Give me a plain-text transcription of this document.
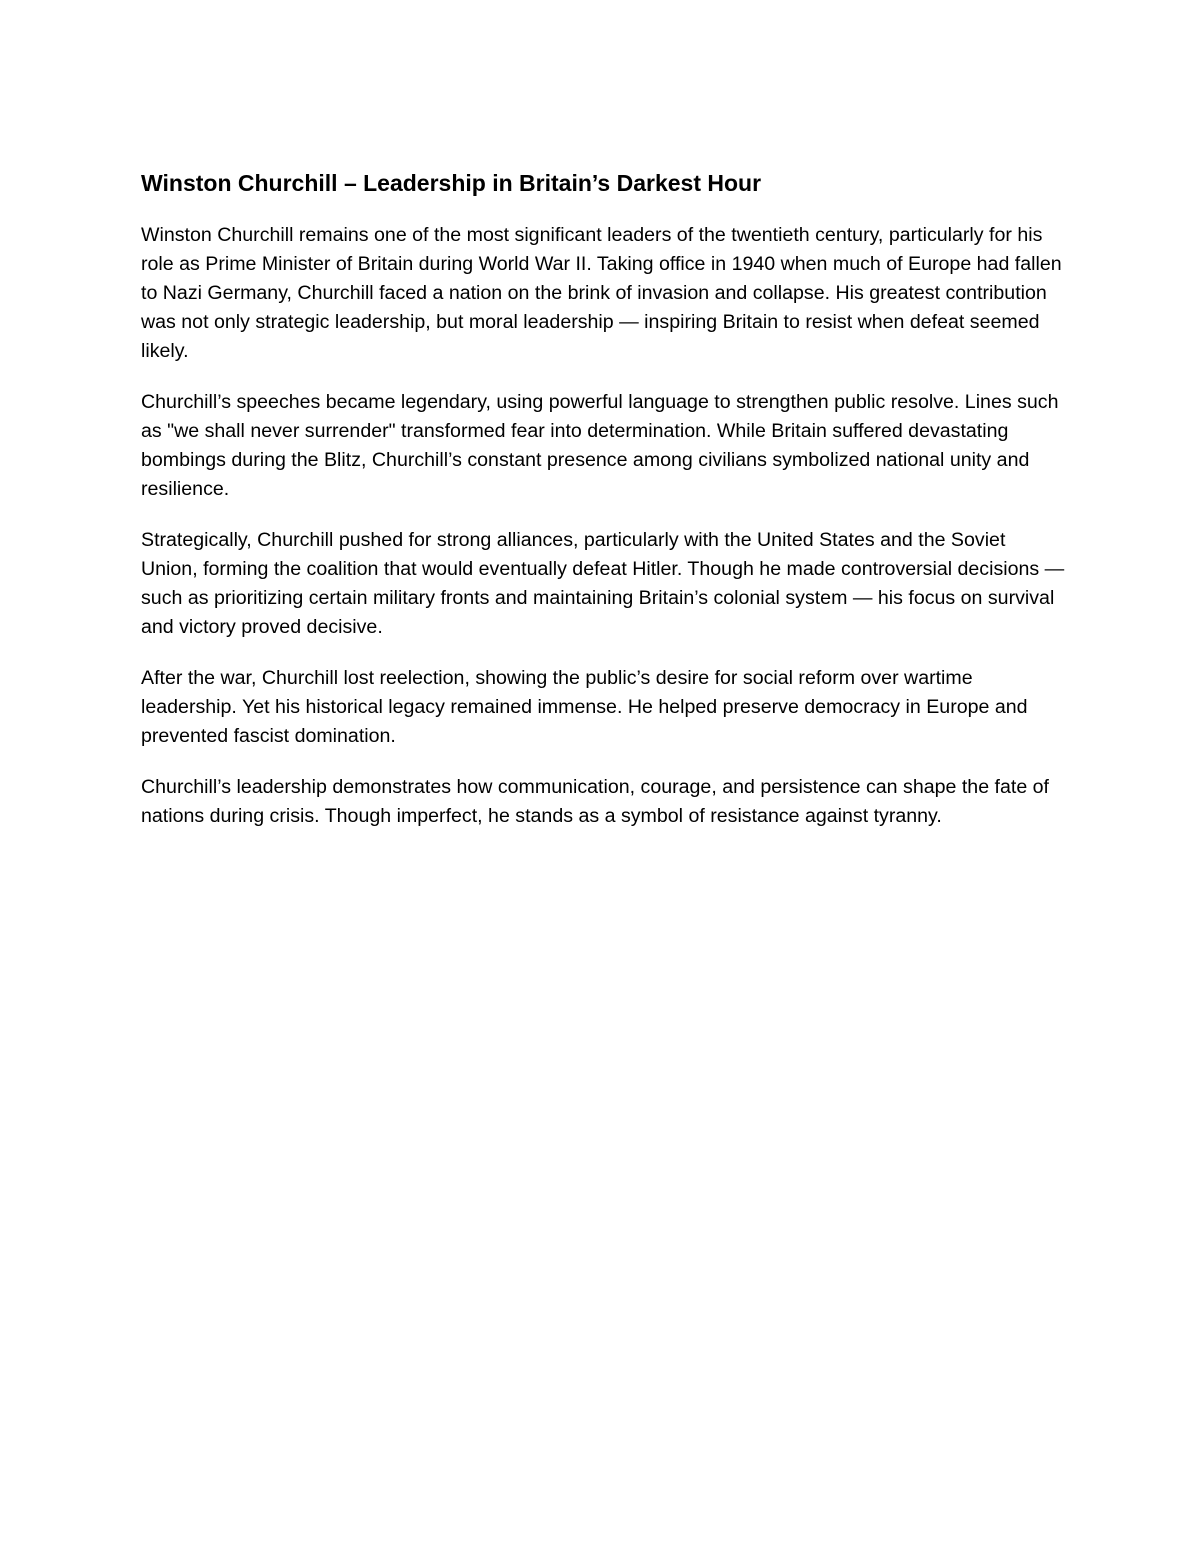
Winston Churchill – Leadership in Britain’s Darkest Hour

Winston Churchill remains one of the most significant leaders of the twentieth century, particularly for his role as Prime Minister of Britain during World War II. Taking office in 1940 when much of Europe had fallen to Nazi Germany, Churchill faced a nation on the brink of invasion and collapse. His greatest contribution was not only strategic leadership, but moral leadership — inspiring Britain to resist when defeat seemed likely.

Churchill’s speeches became legendary, using powerful language to strengthen public resolve. Lines such as "we shall never surrender" transformed fear into determination. While Britain suffered devastating bombings during the Blitz, Churchill’s constant presence among civilians symbolized national unity and resilience.

Strategically, Churchill pushed for strong alliances, particularly with the United States and the Soviet Union, forming the coalition that would eventually defeat Hitler. Though he made controversial decisions — such as prioritizing certain military fronts and maintaining Britain’s colonial system — his focus on survival and victory proved decisive.

After the war, Churchill lost reelection, showing the public’s desire for social reform over wartime leadership. Yet his historical legacy remained immense. He helped preserve democracy in Europe and prevented fascist domination.

Churchill’s leadership demonstrates how communication, courage, and persistence can shape the fate of nations during crisis. Though imperfect, he stands as a symbol of resistance against tyranny.
